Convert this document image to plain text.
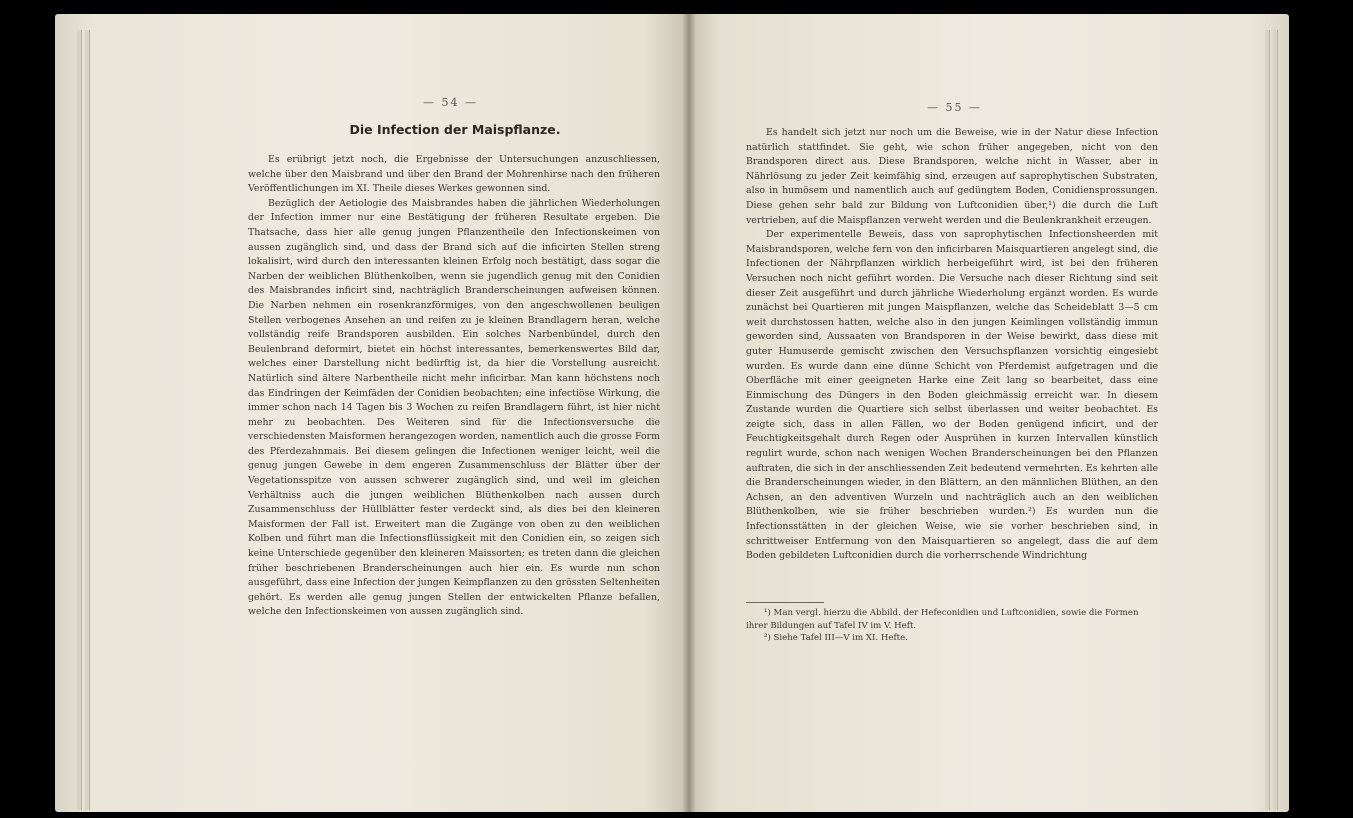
— 54 —
Die Infection der Maispflanze.

Es erübrigt jetzt noch, die Ergebnisse der Untersuchungen anzuschliessen, welche über den Maisbrand und über den Brand der Mohrenhirse nach den früheren Veröffentlichungen im XI. Theile dieses Werkes gewonnen sind.

Bezüglich der Aetiologie des Maisbrandes haben die jährlichen Wiederholungen der Infection immer nur eine Bestätigung der früheren Resultate ergeben. Die Thatsache, dass hier alle genug jungen Pflanzentheile den Infectionskeimen von aussen zugänglich sind, und dass der Brand sich auf die inficirten Stellen streng lokalisirt, wird durch den interessanten kleinen Erfolg noch bestätigt, dass sogar die Narben der weiblichen Blüthenkolben, wenn sie jugendlich genug mit den Conidien des Maisbrandes inficirt sind, nachträglich Branderscheinungen aufweisen können. Die Narben nehmen ein rosenkranzförmiges, von den angeschwollenen beuligen Stellen verbogenes Ansehen an und reifen zu je kleinen Brandlagern heran, welche vollständig reife Brandsporen ausbilden. Ein solches Narbenbündel, durch den Beulenbrand deformirt, bietet ein höchst interessantes, bemerkenswertes Bild dar, welches einer Darstellung nicht bedürftig ist, da hier die Vorstellung ausreicht. Natürlich sind ältere Narbentheile nicht mehr inficirbar. Man kann höchstens noch das Eindringen der Keimfäden der Conidien beobachten; eine infectiöse Wirkung, die immer schon nach 14 Tagen bis 3 Wochen zu reifen Brandlagern führt, ist hier nicht mehr zu beobachten. Des Weiteren sind für die Infectionsversuche die verschiedensten Maisformen herangezogen worden, namentlich auch die grosse Form des Pferdezahnmais. Bei diesem gelingen die Infectionen weniger leicht, weil die genug jungen Gewebe in dem engeren Zusammenschluss der Blätter über der Vegetationsspitze von aussen schwerer zugänglich sind, und weil im gleichen Verhältniss auch die jungen weiblichen Blüthenkolben nach aussen durch Zusammenschluss der Hüllblätter fester verdeckt sind, als dies bei den kleineren Maisformen der Fall ist. Erweitert man die Zugänge von oben zu den weiblichen Kolben und führt man die Infectionsflüssigkeit mit den Conidien ein, so zeigen sich keine Unterschiede gegenüber den kleineren Maissorten; es treten dann die gleichen früher beschriebenen Branderscheinungen auch hier ein. Es wurde nun schon ausgeführt, dass eine Infection der jungen Keimpflanzen zu den grössten Seltenheiten gehört. Es werden alle genug jungen Stellen der entwickelten Pflanze befallen, welche den Infectionskeimen von aussen zugänglich sind.

— 55 —

Es handelt sich jetzt nur noch um die Beweise, wie in der Natur diese Infection natürlich stattfindet. Sie geht, wie schon früher angegeben, nicht von den Brandsporen direct aus. Diese Brandsporen, welche nicht in Wasser, aber in Nährlösung zu jeder Zeit keimfähig sind, erzeugen auf saprophytischen Substraten, also in humösem und namentlich auch auf gedüngtem Boden, Conidiensprossungen. Diese gehen sehr bald zur Bildung von Luftconidien über,¹) die durch die Luft vertrieben, auf die Maispflanzen verweht werden und die Beulenkrankheit erzeugen.

Der experimentelle Beweis, dass von saprophytischen Infectionsheerden mit Maisbrandsporen, welche fern von den inficirbaren Maisquartieren angelegt sind, die Infectionen der Nährpflanzen wirklich herbeigeführt wird, ist bei den früheren Versuchen noch nicht geführt worden. Die Versuche nach dieser Richtung sind seit dieser Zeit ausgeführt und durch jährliche Wiederholung ergänzt worden. Es wurde zunächst bei Quartieren mit jungen Maispflanzen, welche das Scheideblatt 3—5 cm weit durchstossen hatten, welche also in den jungen Keimlingen vollständig immun geworden sind, Aussaaten von Brandsporen in der Weise bewirkt, dass diese mit guter Humuserde gemischt zwischen den Versuchspflanzen vorsichtig eingesiebt wurden. Es wurde dann eine dünne Schicht von Pferdemist aufgetragen und die Oberfläche mit einer geeigneten Harke eine Zeit lang so bearbeitet, dass eine Einmischung des Düngers in den Boden gleichmässig erreicht war. In diesem Zustande wurden die Quartiere sich selbst überlassen und weiter beobachtet. Es zeigte sich, dass in allen Fällen, wo der Boden genügend inficirt, und der Feuchtigkeitsgehalt durch Regen oder Ausprühen in kurzen Intervallen künstlich regulirt wurde, schon nach wenigen Wochen Branderscheinungen bei den Pflanzen auftraten, die sich in der anschliessenden Zeit bedeutend vermehrten. Es kehrten alle die Branderscheinungen wieder, in den Blättern, an den männlichen Blüthen, an den Achsen, an den adventiven Wurzeln und nachträglich auch an den weiblichen Blüthenkolben, wie sie früher beschrieben wurden.²) Es wurden nun die Infectionsstätten in der gleichen Weise, wie sie vorher beschrieben sind, in schrittweiser Entfernung von den Maisquartieren so angelegt, dass die auf dem Boden gebildeten Luftconidien durch die vorherrschende Windrichtung

¹) Man vergl. hierzu die Abbild. der Hefeconidien und Luftconidien, sowie die Formen ihrer Bildungen auf Tafel IV im V. Heft.
²) Siehe Tafel III—V im XI. Hefte.
